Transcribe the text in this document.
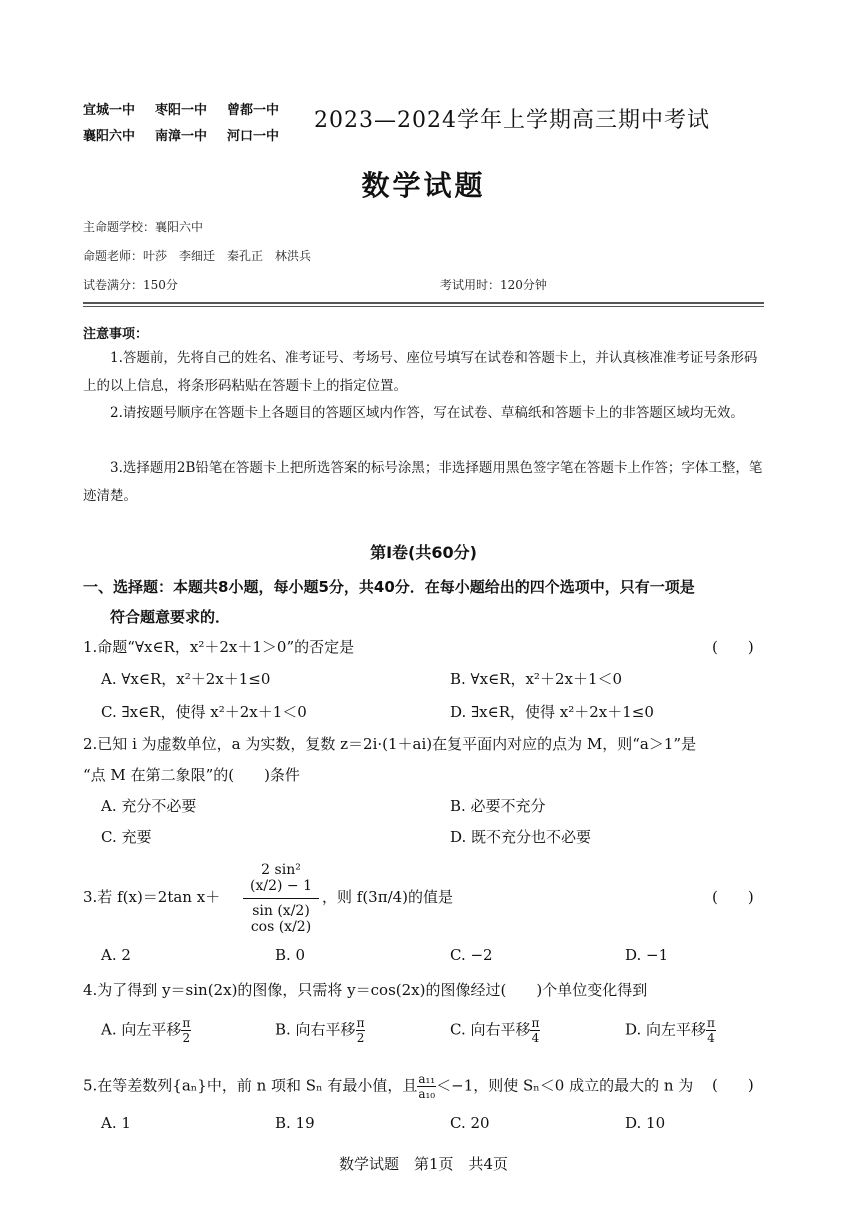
宜城一中 枣阳一中 曾都一中
襄阳六中 南漳一中 河口一中
2023—2024学年上学期高三期中考试
数学试题
主命题学校：襄阳六中
命题老师：叶莎　李细迁　秦孔正　林洪兵
试卷满分：150分	考试用时：120分钟
注意事项：
1.答题前，先将自己的姓名、准考证号、考场号、座位号填写在试卷和答题卡上，并认真核准准考证号条形码上的以上信息，将条形码粘贴在答题卡上的指定位置。
2.请按题号顺序在答题卡上各题目的答题区域内作答，写在试卷、草稿纸和答题卡上的非答题区域均无效。
3.选择题用2B铅笔在答题卡上把所选答案的标号涂黑；非选择题用黑色签字笔在答题卡上作答；字体工整，笔迹清楚。
第Ⅰ卷(共60分)
一、选择题：本题共8小题，每小题5分，共40分．在每小题给出的四个选项中，只有一项是
符合题意要求的．
1.命题“∀x∈R，x²＋2x＋1＞0”的否定是	(　　)
A. ∀x∈R，x²＋2x＋1≤0	B. ∀x∈R，x²＋2x＋1＜0
C. ∃x∈R，使得 x²＋2x＋1＜0	D. ∃x∈R，使得 x²＋2x＋1≤0
2.已知 i 为虚数单位，a 为实数，复数 z＝2i·(1＋ai)在复平面内对应的点为 M，则“a＞1”是
“点 M 在第二象限”的(　　)条件
A. 充分不必要	B. 必要不充分
C. 充要	D. 既不充分也不必要
3.若 f(x)＝2tan $x+ \frac{\text{2 sin² (x/2) − 1}}{\sin (x/2) \cos (x/2)}$ ，则 f(3π/4)的值是	(　　)
A. 2	B. 0	C. −2	D. −1
4.为了得到 y＝sin(2x)的图像，只需将 y＝cos(2x)的图像经过(　　)个单位变化得到
A. 向左平移 $\frac{\pi}{2}$	B. 向右平移 $\frac{\pi}{2}$	C. 向右平移 $\frac{\pi}{4}$	D. 向左平移 $\frac{\pi}{4}$
5.在等差数列{aₙ}中，前 n 项和 Sₙ 有最小值，且 $\frac{\text{a₁₁}}{\text{a₁₀}} <-1$，则使 Sₙ＜0 成立的最大的 n 为 (　　)
A. 1	B. 19	C. 20	D. 10
数学试题　第1页　共4页
